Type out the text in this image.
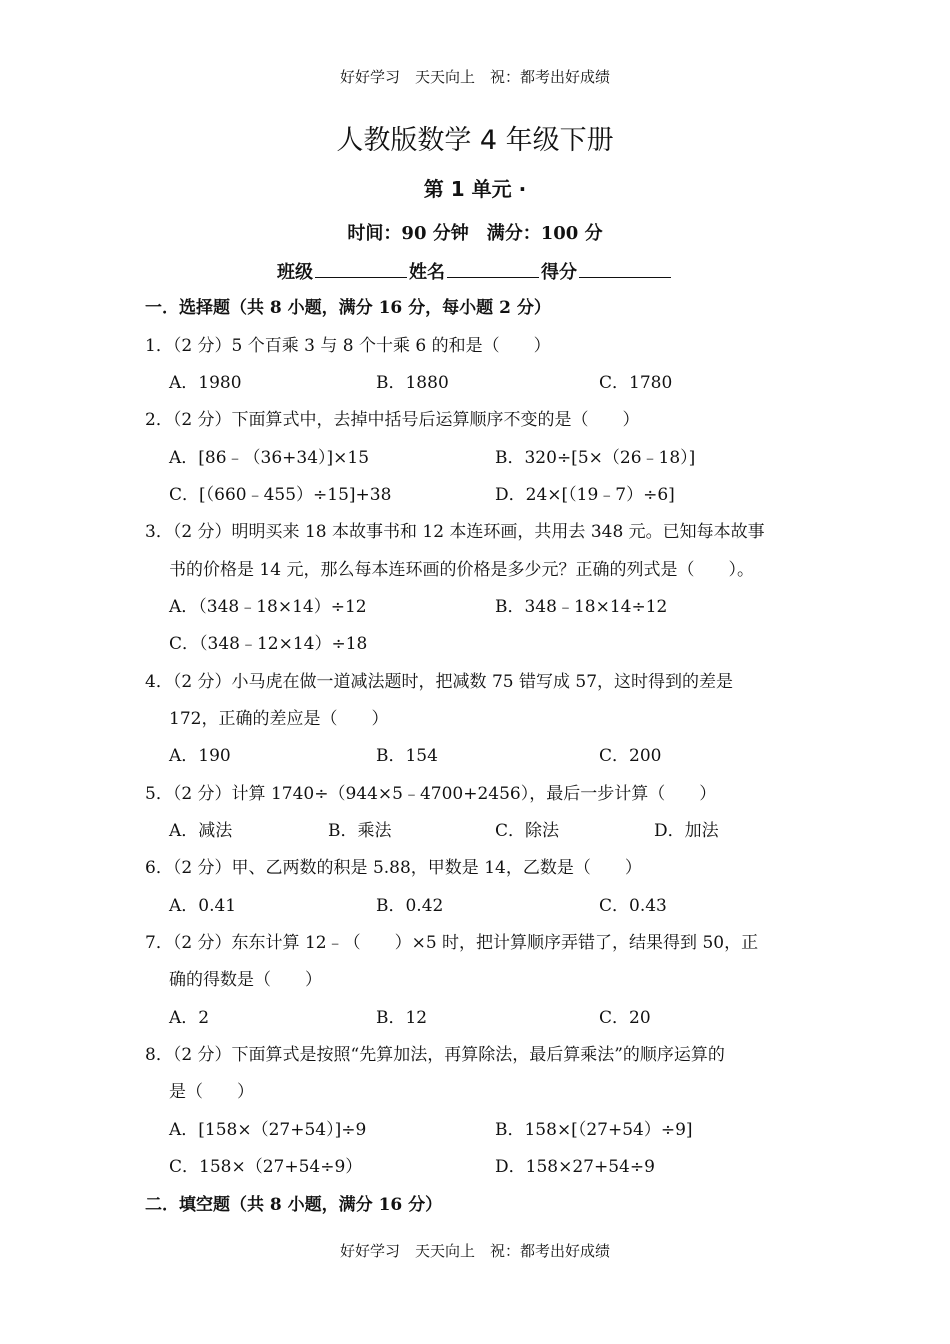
好好学习　天天向上　祝：都考出好成绩
人教版数学 4 年级下册
第 1 单元 ·
时间：90 分钟　满分：100 分
班级	姓名	得分
一．选择题（共 8 小题，满分 16 分，每小题 2 分）
1．（2 分）5 个百乘 3 与 8 个十乘 6 的和是（　　）
A．1980	B．1880	C．1780
2．（2 分）下面算式中，去掉中括号后运算顺序不变的是（　　）
A．[86﹣（36+34）]×15	B．320÷[5×（26﹣18）]
C．[（660﹣455）÷15]+38	D．24×[（19﹣7）÷6]
3．（2 分）明明买来 18 本故事书和 12 本连环画，共用去 348 元。已知每本故事
书的价格是 14 元，那么每本连环画的价格是多少元？正确的列式是（　　）。
A．（348﹣18×14）÷12	B．348﹣18×14÷12
C．（348﹣12×14）÷18
4．（2 分）小马虎在做一道减法题时，把减数 75 错写成 57，这时得到的差是
172，正确的差应是（　　）
A．190	B．154	C．200
5．（2 分）计算 1740÷（944×5﹣4700+2456），最后一步计算（　　）
A．减法	B．乘法	C．除法	D．加法
6．（2 分）甲、乙两数的积是 5.88，甲数是 14，乙数是（　　）
A．0.41	B．0.42	C．0.43
7．（2 分）东东计算 12﹣（　　）×5 时，把计算顺序弄错了，结果得到 50，正
确的得数是（　　）
A．2	B．12	C．20
8．（2 分）下面算式是按照“先算加法，再算除法，最后算乘法”的顺序运算的
是（　　）
A．[158×（27+54）]÷9	B．158×[（27+54）÷9]
C．158×（27+54÷9）	D．158×27+54÷9
二．填空题（共 8 小题，满分 16 分）
好好学习　天天向上　祝：都考出好成绩
